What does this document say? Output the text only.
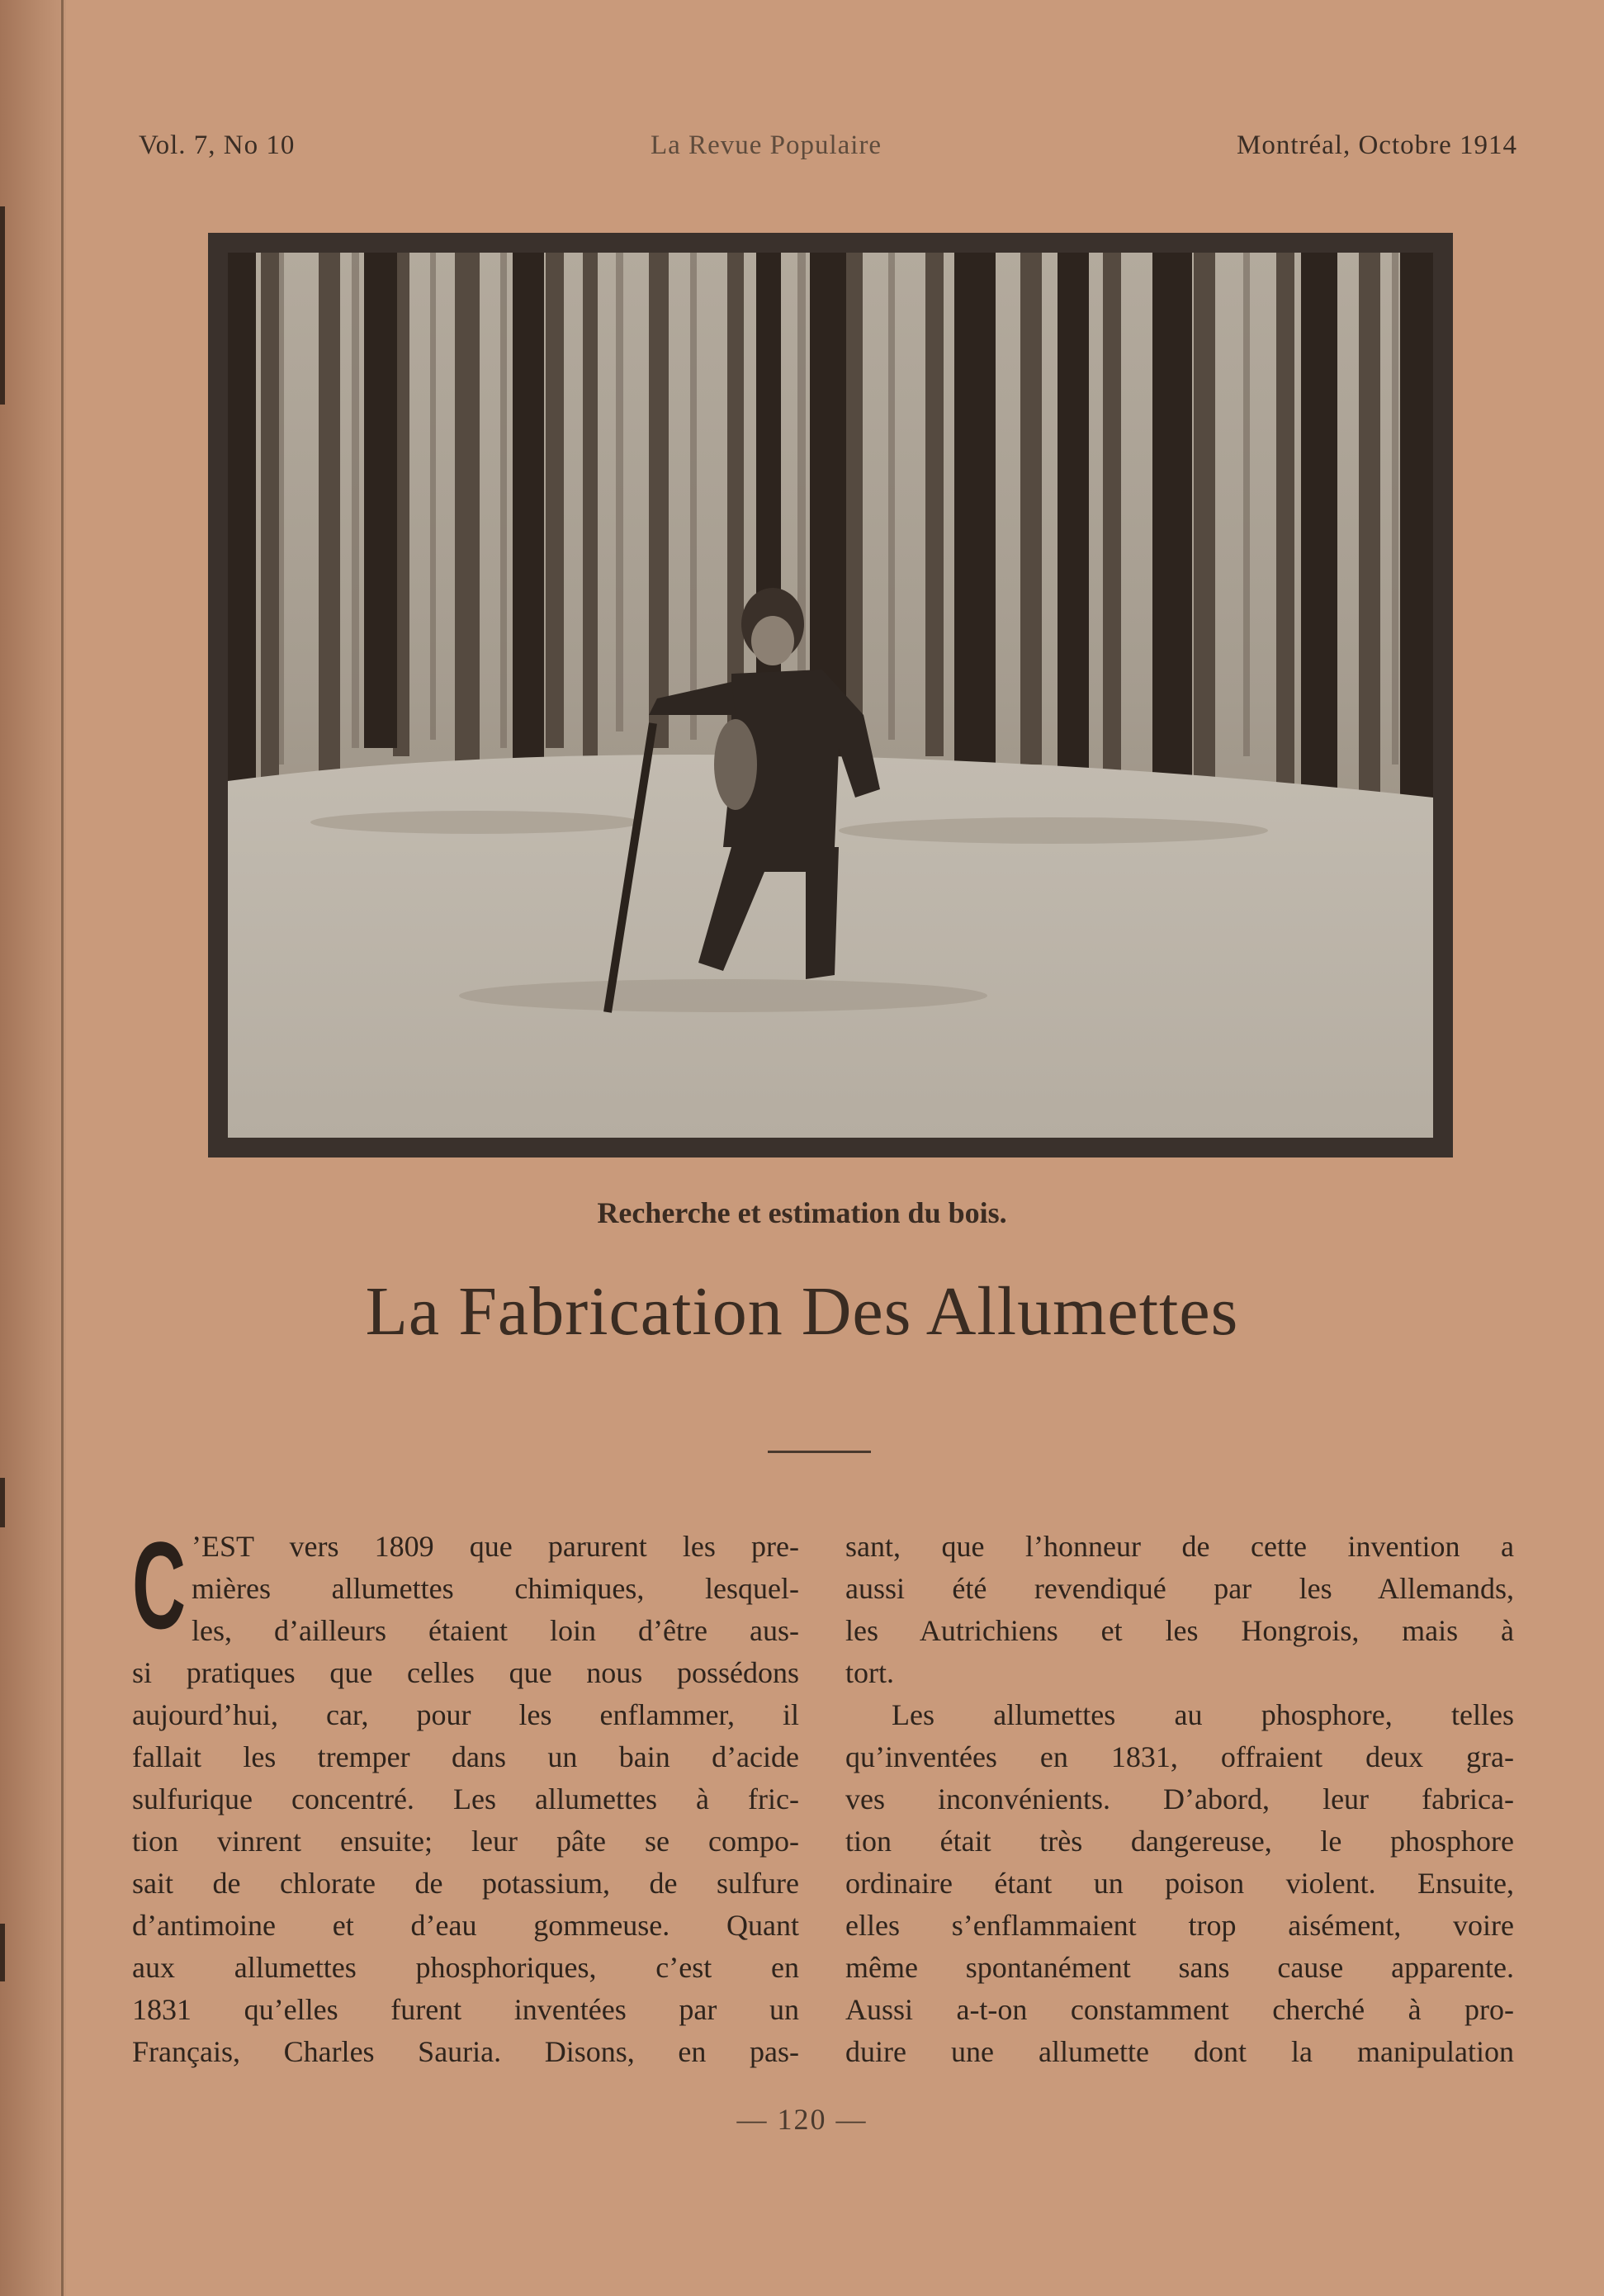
Vol. 7, No 10	La Revue Populaire	Montréal, Octobre 1914
Recherche et estimation du bois.
La Fabrication Des Allumettes
C ’EST vers 1809 que parurent les pre-
mières allumettes chimiques, lesquel-
les, d’ailleurs étaient loin d’être aus-
si pratiques que celles que nous possédons
aujourd’hui, car, pour les enflammer, il
fallait les tremper dans un bain d’acide
sulfurique concentré. Les allumettes à fric-
tion vinrent ensuite; leur pâte se compo-
sait de chlorate de potassium, de sulfure
d’antimoine et d’eau gommeuse. Quant
aux allumettes phosphoriques, c’est en
1831 qu’elles furent inventées par un
Français, Charles Sauria. Disons, en pas-
sant, que l’honneur de cette invention a
aussi été revendiqué par les Allemands,
les Autrichiens et les Hongrois, mais à
tort.
Les allumettes au phosphore, telles
qu’inventées en 1831, offraient deux gra-
ves inconvénients. D’abord, leur fabrica-
tion était très dangereuse, le phosphore
ordinaire étant un poison violent. Ensuite,
elles s’enflammaient trop aisément, voire
même spontanément sans cause apparente.
Aussi a-t-on constamment cherché à pro-
duire une allumette dont la manipulation
— 120 —
